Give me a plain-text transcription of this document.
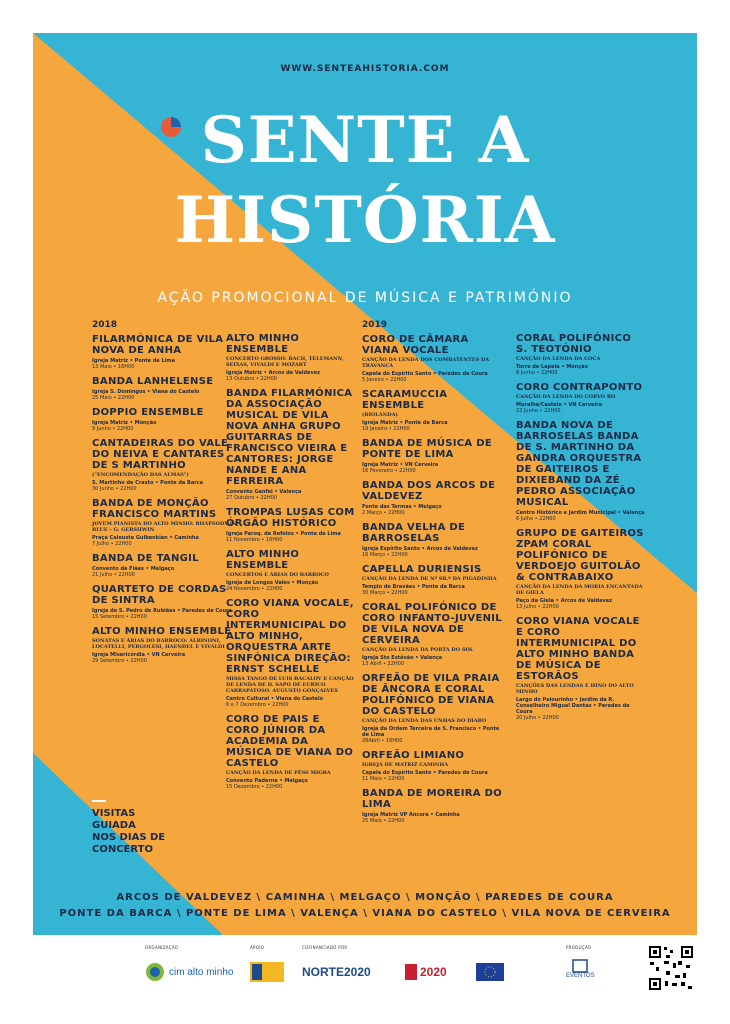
WWW.SENTEAHISTORIA.COM
SENTE A
HISTÓRIA
AÇÃO PROMOCIONAL DE MÚSICA E PATRIMÓNIO
AGENDA COMPLETA
2018
FILARMÓNICA DE VILA NOVA DE ANHA
Igreja Matriz • Ponte de Lima
13 Maio • 16H00
BANDA LANHELENSE
Igreja S. Domingos • Viana do Castelo
25 Maio • 22H00
DOPPIO ENSEMBLE
Igreja Matriz • Monção
9 Junho • 22H00
CANTADEIRAS DO VALE DO NEIVA E CANTARES DE S MARTINHO
("ENCOMENDAÇÃO DAS ALMAS")
S. Martinho de Crasto • Ponte da Barca
30 Junho • 22H00
BANDA DE MONÇÃO FRANCISCO MARTINS
JOVEM PIANISTA DO ALTO MINHO: RHAPSODY IN BLUE – G. GERSHWIN
Praça Calouste Gulbenkian • Caminha
7 Julho • 22H00
BANDA DE TANGIL
Convento de Fiães • Melgaço
21 Julho • 22H00
QUARTETO DE CORDAS DE SINTRA
Igreja de S. Pedro de Rubiães • Paredes de Coura
15 Setembro • 22H00
ALTO MINHO ENSEMBLE
SONATAS E ÁRIAS DO BARROCO: ALBINONI, LOCATELLI, PERGOLESI, HAENDEL E VIVALDI
Igreja Misericórdia • VN Cerveira
29 Setembro • 22H00
ALTO MINHO ENSEMBLE
CONCERTO GROSSO: BACH, TELEMANN, SEIXAS, VIVALDI E MOZART
Igreja Matriz • Arcos de Valdevez
13 Outubro • 22H00
BANDA FILARMÓNICA DA ASSOCIAÇÃO MUSICAL DE VILA NOVA ANHA GRUPO GUITARRAS DE FRANCISCO VIEIRA E CANTORES: JORGE NANDE E ANA FERREIRA
Convento Ganfei • Valença
27 Outubro • 22H00
TROMPAS LUSAS COM ÓRGÃO HISTÓRICO
Igreja Paroq. de Refoios • Ponte de Lima
11 Novembro • 16H00
ALTO MINHO ENSEMBLE
CONCERTOS E ÁRIAS DO BARROCO
Igreja de Longos Vales • Monção
24 Novembro • 22H00
CORO VIANA VOCALE, CORO INTERMUNICIPAL DO ALTO MINHO, ORQUESTRA ARTE SINFÓNICA DIREÇÃO: ERNST SCHELLE
MISSA TANGO DE LUIS BACALOV E CANÇÃO DE LENDA DE D. SAPO DE EURICO CARRAPATOSO. AUGUSTO GONÇALVES
Centro Cultural • Viana do Castelo
6 e 7 Dezembro • 22H00
CORO DE PAIS E CORO JÚNIOR DA ACADEMIA DA MÚSICA DE VIANA DO CASTELO
CANÇÃO DA LENDA DE PÊSS MIGRA
Convento Paderne • Melgaço
15 Dezembro • 22H00
2019
CORO DE CÂMARA VIANA VOCALE
CANÇÃO DA LENDA DOS COMBATENTES DA TRAVANCA
Capela do Espírito Santo • Paredes de Coura
5 Janeiro • 22H00
SCARAMUCCIA ENSEMBLE
(BIOLANDA)
Igreja Matriz • Ponte da Barca
19 Janeiro • 22H00
BANDA DE MÚSICA DE PONTE DE LIMA
Igreja Matriz • VN Cerveira
16 Fevereiro • 22H00
BANDA DOS ARCOS DE VALDEVEZ
Fonte das Termas • Melgaço
2 Março • 22H00
BANDA VELHA DE BARROSELAS
Igreja Espírito Santo • Arcos de Valdevez
16 Março • 22H00
CAPELLA DURIENSIS
CANÇÃO DA LENDA DE Nº SR.ª DA PIGADINHA
Templo de Bravães • Ponte da Barca
30 Março • 22H00
CORAL POLIFÓNICO DE CORO INFANTO-JUVENIL DE VILA NOVA DE CERVEIRA
CANÇÃO DA LENDA DA PORTA DO SOL
Igreja Sto Estêvão • Valença
13 Abril • 22H00
ORFEÃO DE VILA PRAIA DE ÂNCORA E CORAL POLIFÓNICO DE VIANA DO CASTELO
CANÇÃO DA LENDA DAS UNHAS DO DIABO
Igreja da Ordem Terceira de S. Francisco • Ponte de Lima
28Abril • 16H00
ORFEÃO LIMIANO
IGREJA DE MATRIZ CAMINHA
Capela do Espírito Santo • Paredes de Coura
11 Maio • 22H00
BANDA DE MOREIRA DO LIMA
Igreja Matriz VP Ancora • Caminha
25 Maio • 22H00
CORAL POLIFÓNICO S. TEOTÓNIO
CANÇÃO DA LENDA DA COCA
Torre de Lapela • Monção
8 Junho • 22H00
CORO CONTRAPONTO
CANÇÃO DA LENDA DO CORVO RO
Muralha/Castelo • VN Cerveira
23 Junho • 22H00
BANDA NOVA DE BARROSELAS BANDA DE S. MARTINHO DA GANDRA ORQUESTRA DE GAITEIROS E DIXIEBAND DA ZÉ PEDRO ASSOCIAÇÃO MUSICAL
Centro Histórico e Jardim Municipal • Valença
6 Julho • 22H00
GRUPO DE GAITEIROS ZPAM CORAL POLIFÓNICO DE VERDOEJO GUITOLÃO & CONTRABAIXO
CANÇÃO DA LENDA DA MORIA ENCANTADA DE GIELA
Paço da Giela • Arcos de Valdevez
13 Julho • 22H00
CORO VIANA VOCALE E CORO INTERMUNICIPAL DO ALTO MINHO BANDA DE MÚSICA DE ESTORÃOS
CANÇÕES DAS LENDAS E HINO DO ALTO MINHO
Largo do Pelourinho • Jardim da R. Conselheiro Miguel Dantas • Paredes de Coura
20 Julho • 22H00
VISITAS
GUIADA
NOS DIAS DE
CONCERTO
ARCOS DE VALDEVEZ \ CAMINHA \ MELGAÇO \ MONÇÃO \ PAREDES DE COURA
PONTE DA BARCA \ PONTE DE LIMA \ VALENÇA \ VIANA DO CASTELO \ VILA NOVA DE CERVEIRA
ORGANIZAÇÃO	APOIO	COFINANCIADO POR	PRODUÇÃO
cim alto minho	NORTE2020	2020	EVENTOS
